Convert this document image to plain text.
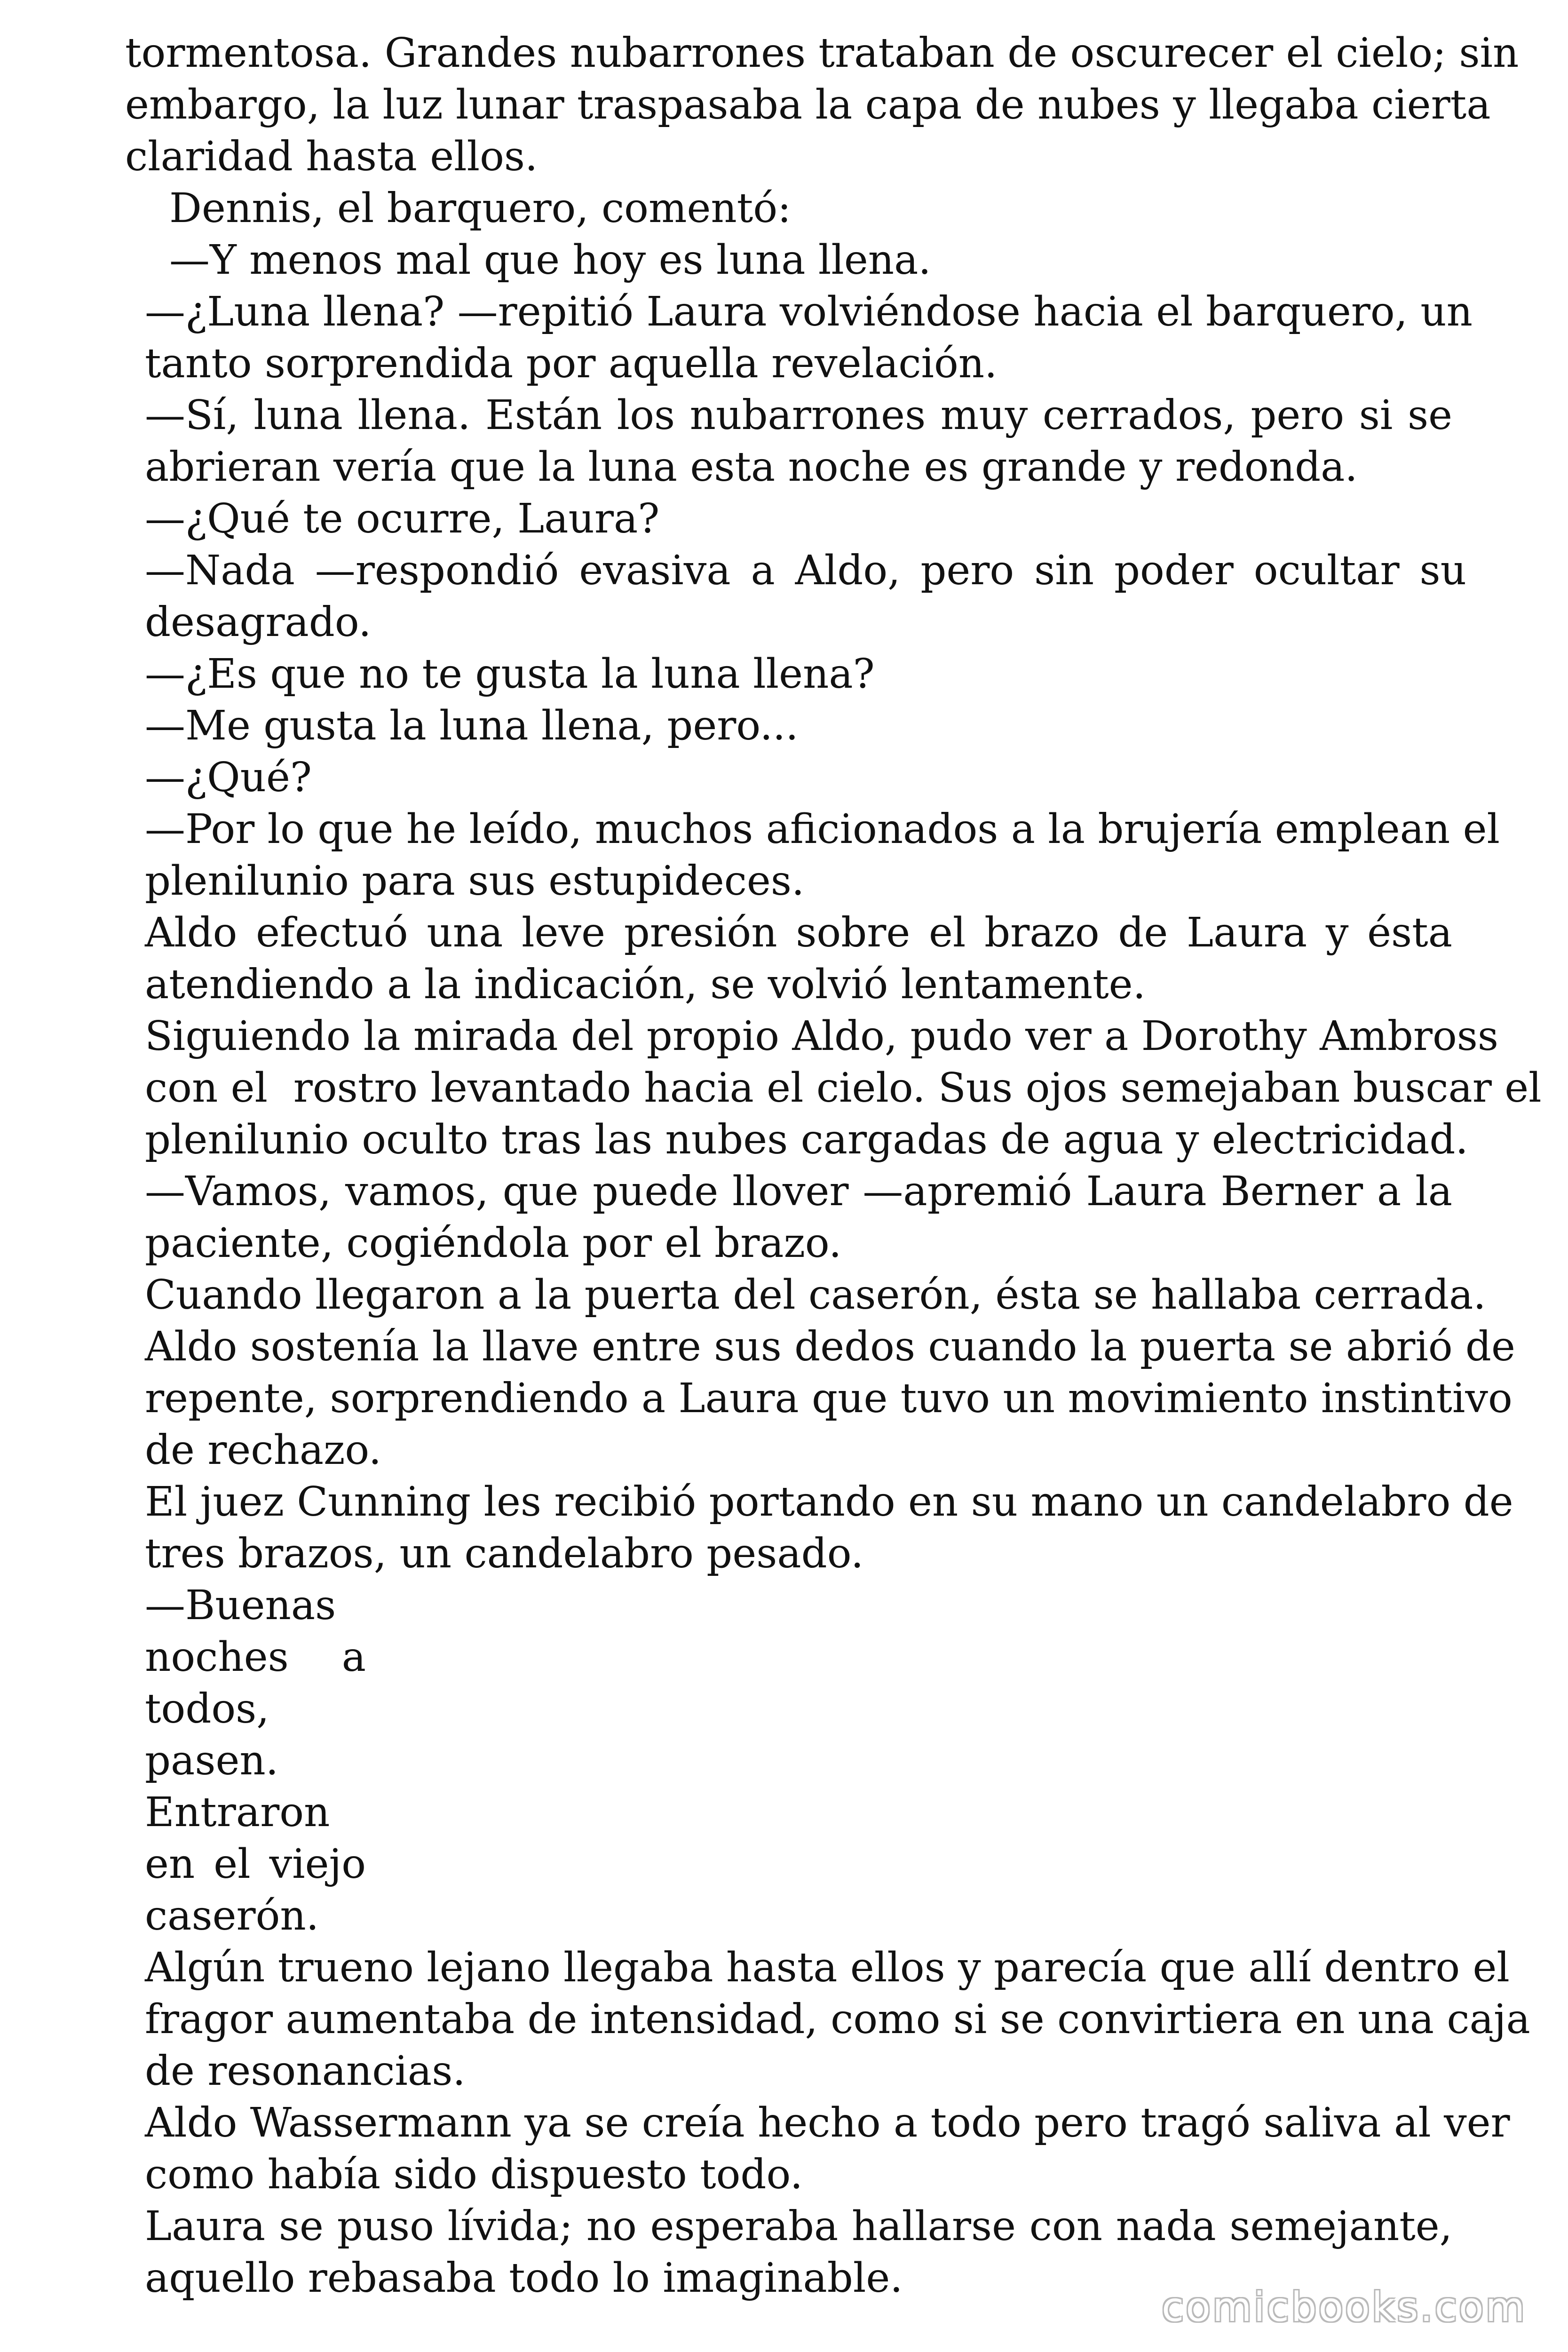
tormentosa. Grandes nubarrones trataban de oscurecer el cielo; sin

embargo, la luz lunar traspasaba la capa de nubes y llegaba cierta

claridad hasta ellos.

Dennis, el barquero, comentó:

—Y menos mal que hoy es luna llena.

—¿Luna llena? —repitió Laura volviéndose hacia el barquero, un

tanto sorprendida por aquella revelación.

—Sí, luna llena. Están los nubarrones muy cerrados, pero si se

abrieran vería que la luna esta noche es grande y redonda.

—¿Qué te ocurre, Laura?

—Nada —respondió evasiva a Aldo, pero sin poder ocultar su

desagrado.

—¿Es que no te gusta la luna llena?

—Me gusta la luna llena, pero...

—¿Qué?

—Por lo que he leído, muchos aficionados a la brujería emplean el

plenilunio para sus estupideces.

Aldo efectuó una leve presión sobre el brazo de Laura y ésta

atendiendo a la indicación, se volvió lentamente.

Siguiendo la mirada del propio Aldo, pudo ver a Dorothy Ambross

con el  rostro levantado hacia el cielo. Sus ojos semejaban buscar el

plenilunio oculto tras las nubes cargadas de agua y electricidad.

—Vamos, vamos, que puede llover —apremió Laura Berner a la

paciente, cogiéndola por el brazo.

Cuando llegaron a la puerta del caserón, ésta se hallaba cerrada.

Aldo sostenía la llave entre sus dedos cuando la puerta se abrió de

repente, sorprendiendo a Laura que tuvo un movimiento instintivo

de rechazo.

El juez Cunning les recibió portando en su mano un candelabro de

tres brazos, un candelabro pesado.

—Buenas

noches a

todos,

pasen.

Entraron

en el viejo

caserón.

Algún trueno lejano llegaba hasta ellos y parecía que allí dentro el

fragor aumentaba de intensidad, como si se convirtiera en una caja

de resonancias.

Aldo Wassermann ya se creía hecho a todo pero tragó saliva al ver

como había sido dispuesto todo.

Laura se puso lívida; no esperaba hallarse con nada semejante,

aquello rebasaba todo lo imaginable.

comicbooks.com
